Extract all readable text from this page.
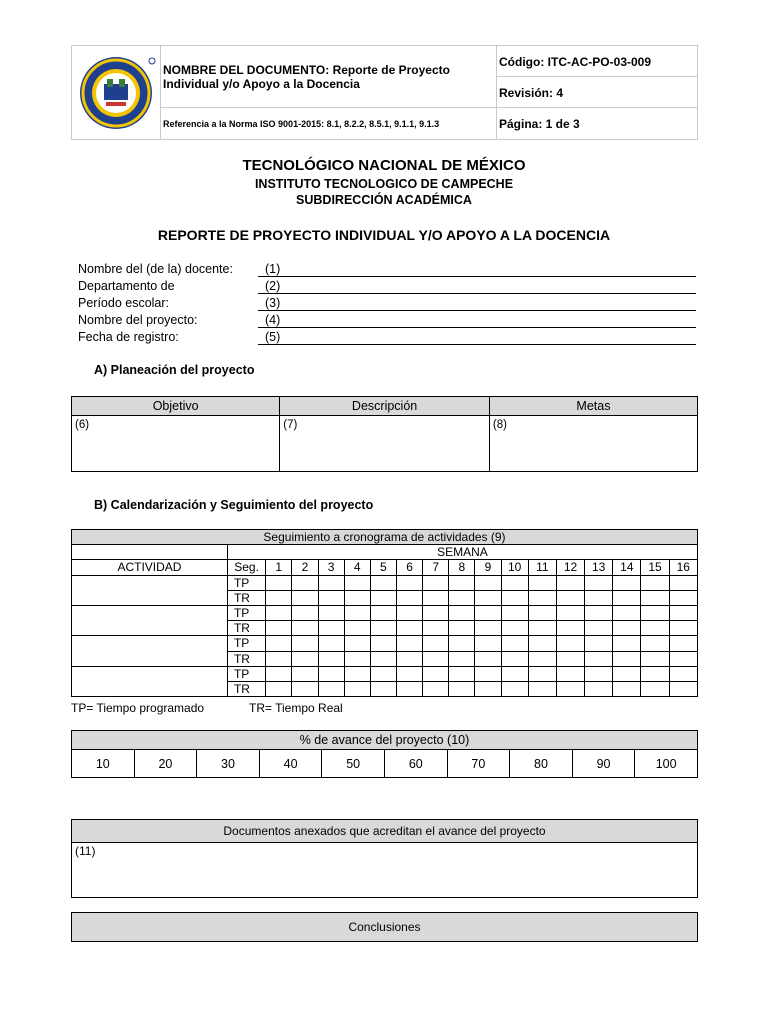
NOMBRE DEL DOCUMENTO: Reporte de Proyecto Individual y/o Apoyo a la Docencia
Referencia a la Norma ISO 9001-2015: 8.1, 8.2.2, 8.5.1, 9.1.1, 9.1.3
Código: ITC-AC-PO-03-009
Revisión: 4
Página: 1 de 3
TECNOLÓGICO NACIONAL DE MÉXICO
INSTITUTO TECNOLOGICO DE CAMPECHE
SUBDIRECCIÓN ACADÉMICA
REPORTE DE PROYECTO INDIVIDUAL Y/O APOYO A LA DOCENCIA
Nombre del (de la) docente:	(1)
Departamento de	(2)
Período escolar:	(3)
Nombre del proyecto:	(4)
Fecha de registro:	(5)
A) Planeación del proyecto
Objetivo	Descripción	Metas
(6)	(7)	(8)
B) Calendarización y Seguimiento del proyecto
Seguimiento a cronograma de actividades (9)																	
	SEMANA																
ACTIVIDAD	Seg.	1	2	3	4	5	6	7	8	9	10	11	12	13	14	15	16
	TP																
	TR																
	TP																
	TR																
	TP																
	TR																
	TP																
	TR																
TP= Tiempo programado	TR= Tiempo Real
% de avance del proyecto (10)
10	20	30	40	50	60	70	80	90	100
Documentos anexados que acreditan el avance del proyecto
(11)
Conclusiones
